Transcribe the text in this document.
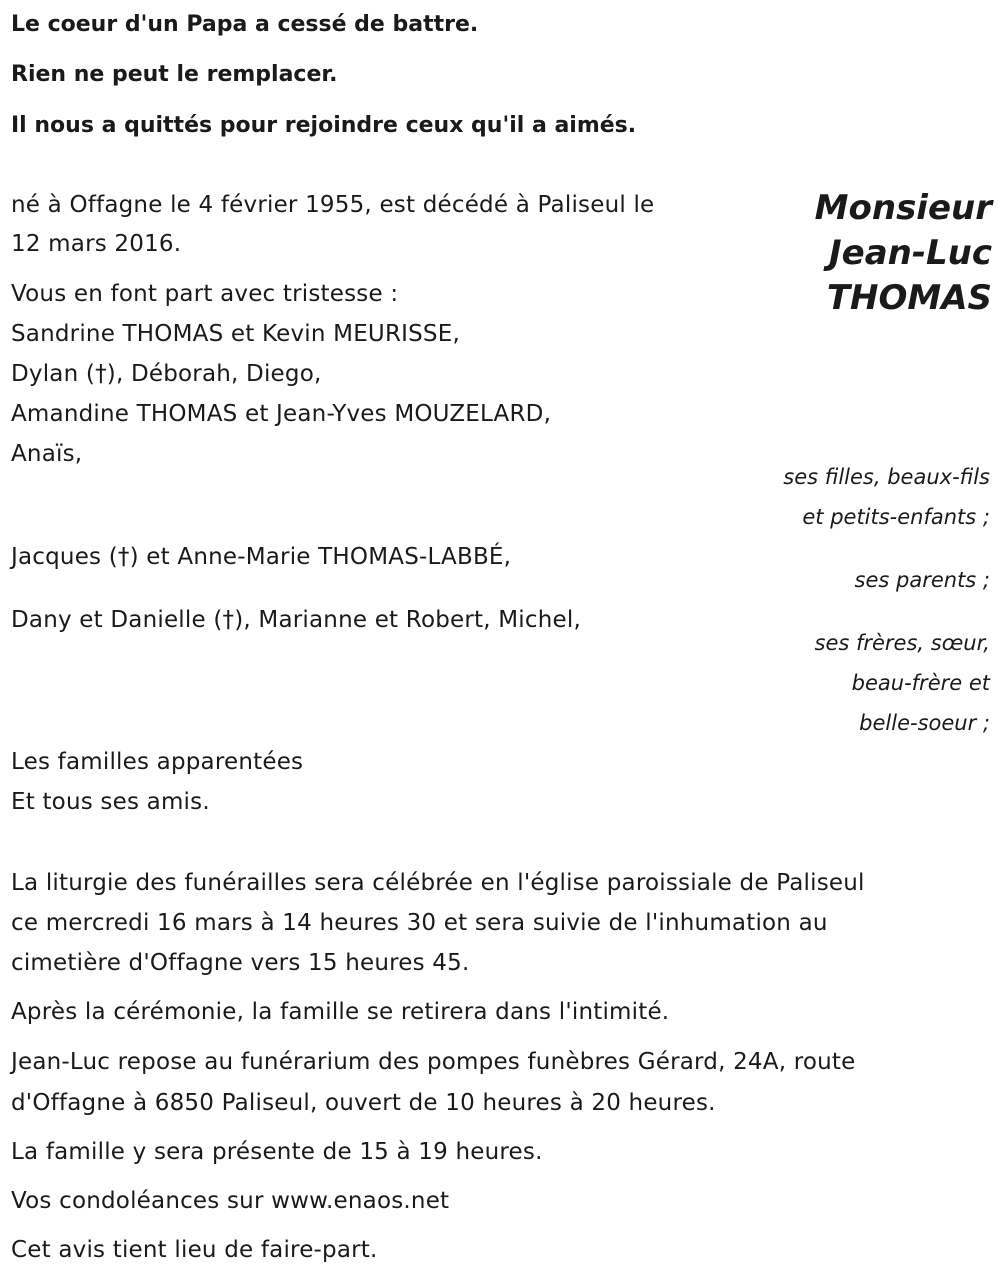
Le coeur d'un Papa a cessé de battre.
Rien ne peut le remplacer.
Il nous a quittés pour rejoindre ceux qu'il a aimés.
Monsieur
Jean-Luc
THOMAS
né à Offagne le 4 février 1955, est décédé à Paliseul le
12 mars 2016.
Vous en font part avec tristesse :
Sandrine THOMAS et Kevin MEURISSE,
Dylan (†), Déborah, Diego,
Amandine THOMAS et Jean-Yves MOUZELARD,
Anaïs,
ses filles, beaux-fils
et petits-enfants ;
Jacques (†) et Anne-Marie THOMAS-LABBÉ,
ses parents ;
Dany et Danielle (†), Marianne et Robert, Michel,
ses frères, sœur,
beau-frère et
belle-soeur ;
Les familles apparentées
Et tous ses amis.
La liturgie des funérailles sera célébrée en l'église paroissiale de Paliseul
ce mercredi 16 mars à 14 heures 30 et sera suivie de l'inhumation au
cimetière d'Offagne vers 15 heures 45.
Après la cérémonie, la famille se retirera dans l'intimité.
Jean-Luc repose au funérarium des pompes funèbres Gérard, 24A, route
d'Offagne à 6850 Paliseul, ouvert de 10 heures à 20 heures.
La famille y sera présente de 15 à 19 heures.
Vos condoléances sur www.enaos.net
Cet avis tient lieu de faire-part.
